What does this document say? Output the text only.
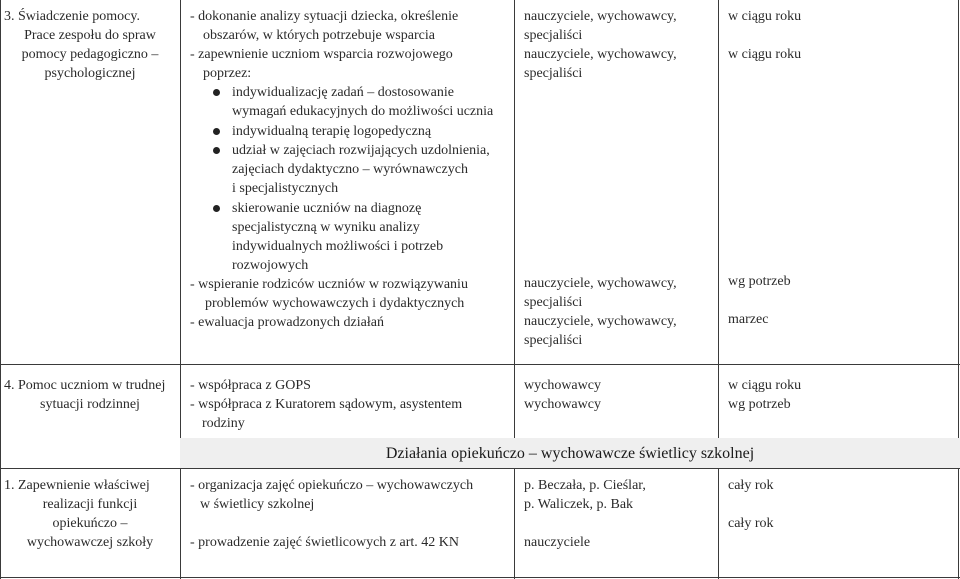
3. Świadczenie pomocy.
Prace zespołu do spraw
pomocy pedagogiczno –
psychologicznej
- dokonanie analizy sytuacji dziecka, określenie
obszarów, w których potrzebuje wsparcia
- zapewnienie uczniom wsparcia rozwojowego
poprzez:
indywidualizację zadań – dostosowanie
wymagań edukacyjnych do możliwości ucznia
indywidualną terapię logopedyczną
udział w zajęciach rozwijających uzdolnienia,
zajęciach dydaktyczno – wyrównawczych
i specjalistycznych
skierowanie uczniów na diagnozę
specjalistyczną w wyniku analizy
indywidualnych możliwości i potrzeb
rozwojowych
- wspieranie rodziców uczniów w rozwiązywaniu
problemów wychowawczych i dydaktycznych
- ewaluacja prowadzonych działań
nauczyciele, wychowawcy,
specjaliści
nauczyciele, wychowawcy,
specjaliści
nauczyciele, wychowawcy,
specjaliści
nauczyciele, wychowawcy,
specjaliści
w ciągu roku
w ciągu roku
wg potrzeb
marzec
4. Pomoc uczniom w trudnej
sytuacji rodzinnej
- współpraca z GOPS
- współpraca z Kuratorem sądowym, asystentem
rodziny
wychowawcy
wychowawcy
w ciągu roku
wg potrzeb
Działania opiekuńczo – wychowawcze świetlicy szkolnej
1. Zapewnienie właściwej
realizacji funkcji
opiekuńczo –
wychowawczej szkoły
- organizacja zajęć opiekuńczo – wychowawczych
w świetlicy szkolnej
- prowadzenie zajęć świetlicowych z art. 42 KN
p. Beczała, p. Cieślar,
p. Waliczek, p. Bak
nauczyciele
cały rok
cały rok
